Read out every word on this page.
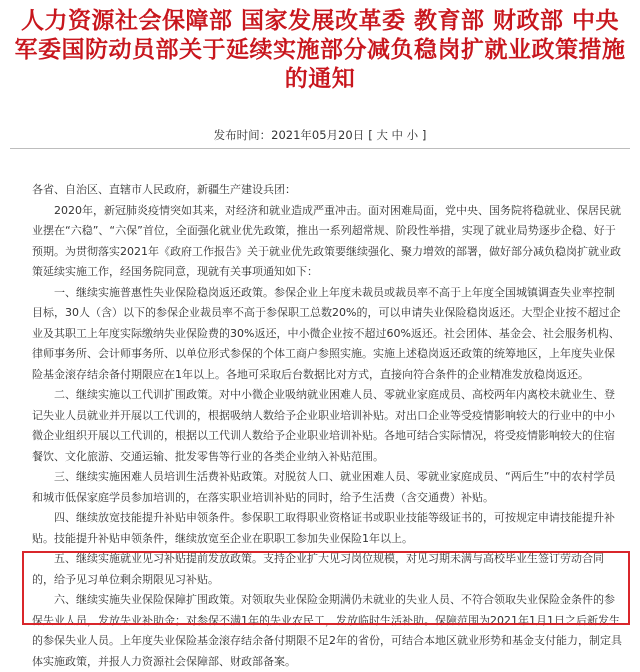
人力资源社会保障部 国家发展改革委 教育部 财政部 中央军委国防动员部关于延续实施部分减负稳岗扩就业政策措施的通知
发布时间：2021年05月20日 [ 大 中 小 ]

各省、自治区、直辖市人民政府，新疆生产建设兵团：

2020年，新冠肺炎疫情突如其来，对经济和就业造成严重冲击。面对困难局面，党中央、国务院将稳就业、保居民就业摆在“六稳”、“六保”首位，全面强化就业优先政策，推出一系列超常规、阶段性举措，实现了就业局势逐步企稳、好于预期。为贯彻落实2021年《政府工作报告》关于就业优先政策要继续强化、聚力增效的部署，做好部分减负稳岗扩就业政策延续实施工作，经国务院同意，现就有关事项通知如下：

一、继续实施普惠性失业保险稳岗返还政策。参保企业上年度未裁员或裁员率不高于上年度全国城镇调查失业率控制目标，30人（含）以下的参保企业裁员率不高于参保职工总数20%的，可以申请失业保险稳岗返还。大型企业按不超过企业及其职工上年度实际缴纳失业保险费的30%返还，中小微企业按不超过60%返还。社会团体、基金会、社会服务机构、律师事务所、会计师事务所、以单位形式参保的个体工商户参照实施。实施上述稳岗返还政策的统筹地区，上年度失业保险基金滚存结余备付期限应在1年以上。各地可采取后台数据比对方式，直接向符合条件的企业精准发放稳岗返还。

二、继续实施以工代训扩围政策。对中小微企业吸纳就业困难人员、零就业家庭成员、高校两年内离校未就业生、登记失业人员就业并开展以工代训的，根据吸纳人数给予企业职业培训补贴。对出口企业等受疫情影响较大的行业中的中小微企业组织开展以工代训的，根据以工代训人数给予企业职业培训补贴。各地可结合实际情况，将受疫情影响较大的住宿餐饮、文化旅游、交通运输、批发零售等行业的各类企业纳入补贴范围。

三、继续实施困难人员培训生活费补贴政策。对脱贫人口、就业困难人员、零就业家庭成员、“两后生”中的农村学员和城市低保家庭学员参加培训的，在落实职业培训补贴的同时，给予生活费（含交通费）补贴。

四、继续放宽技能提升补贴申领条件。参保职工取得职业资格证书或职业技能等级证书的，可按规定申请技能提升补贴。技能提升补贴申领条件，继续放宽至企业在职职工参加失业保险1年以上。

五、继续实施就业见习补贴提前发放政策。支持企业扩大见习岗位规模，对见习期未满与高校毕业生签订劳动合同的，给予见习单位剩余期限见习补贴。

六、继续实施失业保险保障扩围政策。对领取失业保险金期满仍未就业的失业人员、不符合领取失业保险金条件的参保失业人员，发放失业补助金；对参保不满1年的失业农民工，发放临时生活补助。保障范围为2021年1月1日之后新发生的参保失业人员。上年度失业保险基金滚存结余备付期限不足2年的省份，可结合本地区就业形势和基金支付能力，制定具体实施政策，并报人力资源社会保障部、财政部备案。
